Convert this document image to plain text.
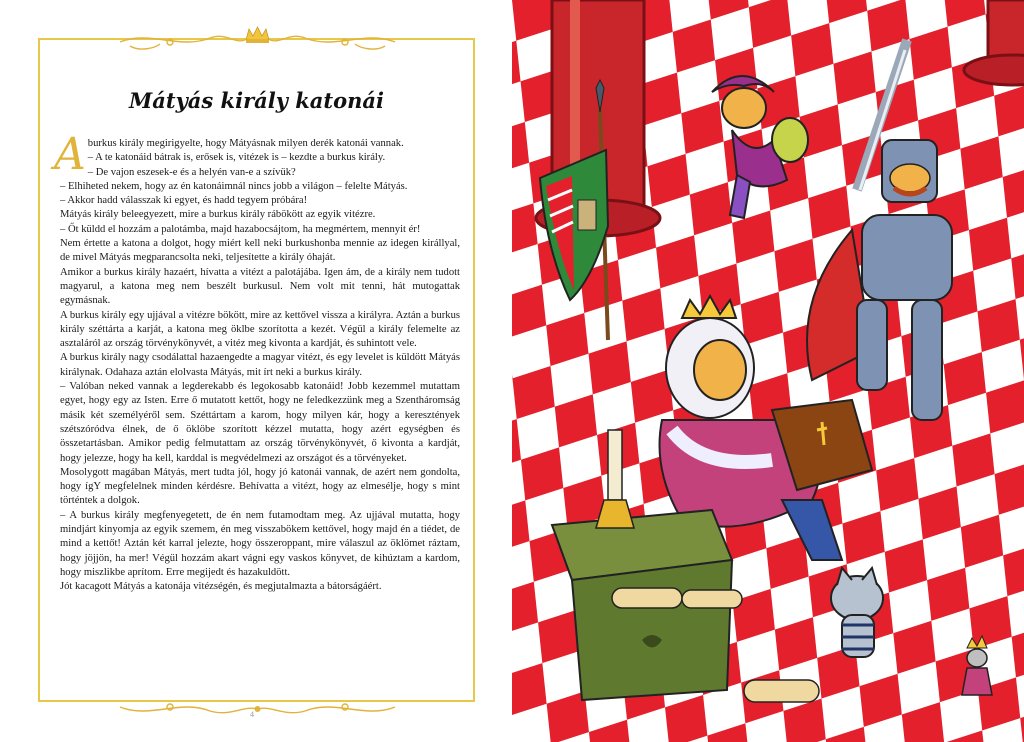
Mátyás király katonái

Aburkus király megirigyelte, hogy Mátyásnak milyen derék katonái vannak.

– A te katonáid bátrak is, erősek is, vitézek is – kezdte a burkus király.

– De vajon eszesek-e és a helyén van-e a szívük?

– Elhiheted nekem, hogy az én katonáimnál nincs jobb a világon – felelte Mátyás.

– Akkor hadd válasszak ki egyet, és hadd tegyem próbára!

Mátyás király beleegyezett, mire a burkus király rábökött az egyik vitézre.

– Őt küldd el hozzám a palotámba, majd hazabocsájtom, ha megmértem, mennyit ér!

Nem értette a katona a dolgot, hogy miért kell neki burkushonba mennie az idegen királlyal, de mivel Mátyás megparancsolta neki, teljesítette a király óhaját.

Amikor a burkus király hazaért, hívatta a vitézt a palotájába. Igen ám, de a király nem tudott magyarul, a katona meg nem beszélt burkusul. Nem volt mit tenni, hát mutogattak egymásnak.

A burkus király egy ujjával a vitézre bökött, mire az kettővel vissza a királyra. Aztán a burkus király széttárta a karját, a katona meg öklbe szorította a kezét. Végül a király felemelte az asztaláról az ország törvénykönyvét, a vitéz meg kivonta a kardját, és suhintott vele.

A burkus király nagy csodálattal hazaengedte a magyar vitézt, és egy levelet is küldött Mátyás királynak. Odahaza aztán elolvasta Mátyás, mit írt neki a burkus király.

– Valóban neked vannak a legderekabb és legokosabb katonáid! Jobb kezemmel mutattam egyet, hogy egy az Isten. Erre ő mutatott kettőt, hogy ne feledkezzünk meg a Szentháromság másik két személyéről sem. Széttártam a karom, hogy milyen kár, hogy a keresztények szétszóródva élnek, de ő öklöbe szorított kézzel mutatta, hogy azért egységben és összetartásban. Amikor pedig felmutattam az ország törvénykönyvét, ő kivonta a kardját, hogy jelezze, hogy ha kell, karddal is megvédelmezi az országot és a törvényeket.

Mosolygott magában Mátyás, mert tudta jól, hogy jó katonái vannak, de azért nem gondolta, hogy ígY megfelelnek minden kérdésre. Behívatta a vitézt, hogy az elmesélje, hogy s mint történtek a dolgok.

– A burkus király megfenyegetett, de én nem futamodtam meg. Az ujjával mutatta, hogy mindjárt kinyomja az egyik szemem, én meg visszabökem kettővel, hogy majd én a tiédet, de mind a kettőt! Aztán két karral jelezte, hogy összeroppant, mire válaszul az öklömet ráztam, hogy jöjjön, ha mer! Végül hozzám akart vágni egy vaskos könyvet, de kihúztam a kardom, hogy miszlikbe aprítom. Erre megijedt és hazakuldött.

Jót kacagott Mátyás a katonája vitézségén, és megjutalmazta a bátorságáért.

4
